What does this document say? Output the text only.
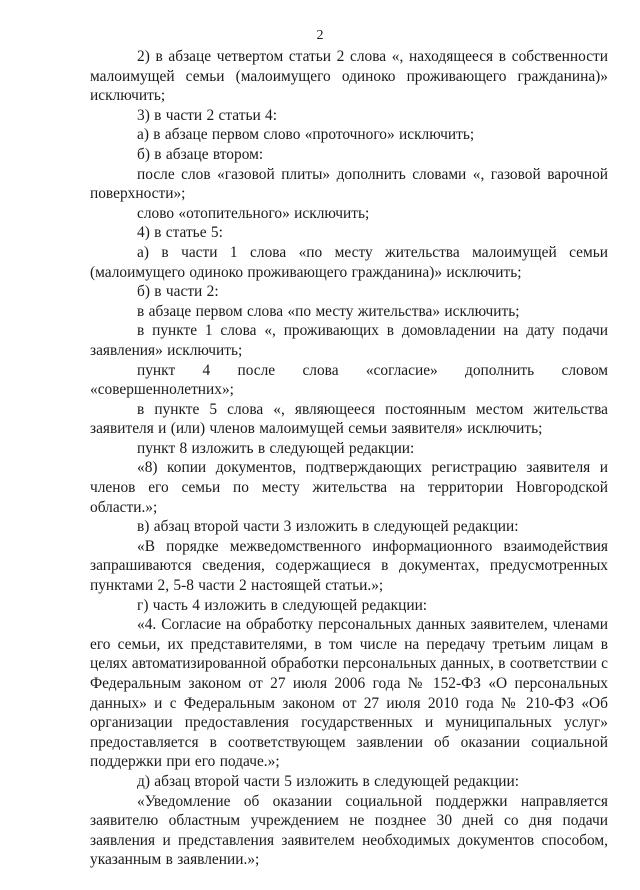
2

2) в абзаце четвертом статьи 2 слова «, находящееся в собственности малоимущей семьи (малоимущего одиноко проживающего гражданина)» исключить;

3) в части 2 статьи 4:

а) в абзаце первом слово «проточного» исключить;

б) в абзаце втором:

после слов «газовой плиты» дополнить словами «, газовой варочной поверхности»;

слово «отопительного» исключить;

4) в статье 5:

а) в части 1 слова «по месту жительства малоимущей семьи (малоимущего одиноко проживающего гражданина)» исключить;

б) в части 2:

в абзаце первом слова «по месту жительства» исключить;

в пункте 1 слова «, проживающих в домовладении на дату подачи заявления» исключить;

пункт 4 после слова «согласие» дополнить словом «совершеннолетних»;

в пункте 5 слова «, являющееся постоянным местом жительства заявителя и (или) членов малоимущей семьи заявителя» исключить;

пункт 8 изложить в следующей редакции:

«8) копии документов, подтверждающих регистрацию заявителя и членов его семьи по месту жительства на территории Новгородской области.»;

в) абзац второй части 3 изложить в следующей редакции:

«В порядке межведомственного информационного взаимодействия запрашиваются сведения, содержащиеся в документах, предусмотренных пунктами 2, 5-8 части 2 настоящей статьи.»;

г) часть 4 изложить в следующей редакции:

«4. Согласие на обработку персональных данных заявителем, членами его семьи, их представителями, в том числе на передачу третьим лицам в целях автоматизированной обработки персональных данных, в соответствии с Федеральным законом от 27 июля 2006 года № 152-ФЗ «О персональных данных» и с Федеральным законом от 27 июля 2010 года № 210-ФЗ «Об организации предоставления государственных и муниципальных услуг» предоставляется в соответствующем заявлении об оказании социальной поддержки при его подаче.»;

д) абзац второй части 5 изложить в следующей редакции:

«Уведомление об оказании социальной поддержки направляется заявителю областным учреждением не позднее 30 дней со дня подачи заявления и представления заявителем необходимых документов способом, указанным в заявлении.»;
